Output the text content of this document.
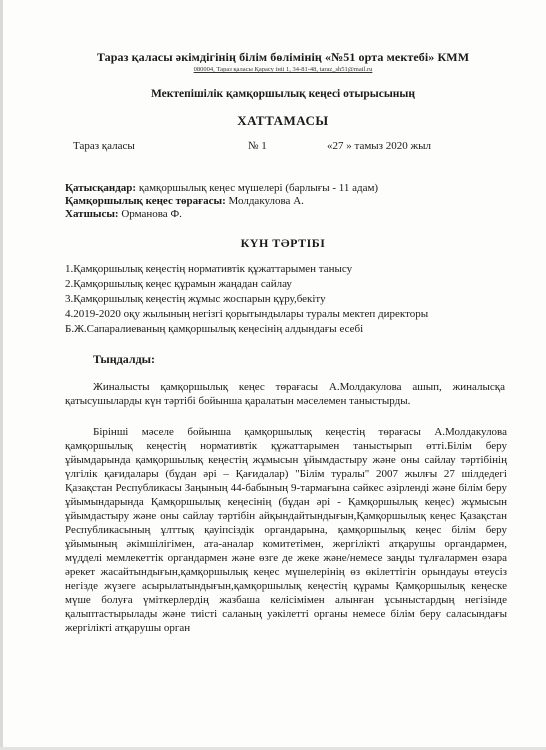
Тараз қаласы әкімдігінің білім бөлімінің «№51 орта мектебі» КММ
080004, Тараз қаласы Қарасу ініі 1, 34-81-48, taraz_sh51@mail.ru
Мектепішілік қамқоршылық кеңесі отырысының
ХАТТАМАСЫ
Тараз қаласы	№ 1	«27 » тамыз 2020 жыл
Қатысқандар: қамқоршылық кеңес мүшелері (барлығы - 11 адам)
Қамқоршылық кеңес төрағасы: Молдакулова А.
Хатшысы: Орманова Ф.
КҮН ТӘРТІБІ
1.Қамқоршылық кеңестің нормативтік құжаттарымен танысу
2.Қамқоршылық кеңес құрамын жаңадан сайлау
3.Қамқоршылық кеңестің жұмыс жоспарын құру,бекіту
4.2019-2020 оқу жылының негізгі қорытындылары туралы мектеп директоры
Б.Ж.Сапаралиеваның қамқоршылық кеңесінің алдындағы есебі
Тыңдалды:
Жиналысты қамқоршылық кеңес төрағасы А.Молдакулова ашып, жиналысқа қатысушыларды күн тәртібі бойынша қаралатын мәселемен таныстырды.
Бірінші мәселе бойынша қамқоршылық кеңестің төрағасы А.Молдакулова қамқоршылық кеңестің нормативтік құжаттарымен таныстырып өтті.Білім беру ұйымдарында қамқоршылық кеңестің жұмысын ұйымдастыру және оны сайлау тәртібінің үлгілік қағидалары (бұдан әрі – Қағидалар) "Білім туралы" 2007 жылғы 27 шілдедегі Қазақстан Республикасы Заңының 44-бабының 9-тармағына сәйкес әзірленді және білім беру ұйымындарында Қамқоршылық кеңесінің (бұдан әрі - Қамқоршылық кеңес) жұмысын ұйымдастыру және оны сайлау тәртібін айқындайтындығын,Қамқоршылық кеңес Қазақстан Республикасының ұлттық қауіпсіздік органдарына, қамқоршылық кеңес білім беру ұйымының әкімшілігімен, ата-аналар комитетімен, жергілікті атқарушы органдармен, мүдделі мемлекеттік органдармен және өзге де жеке және/немесе заңды тұлғалармен өзара әрекет жасайтындығын,қамқоршылық кеңес мүшелерінің өз өкілеттігін орындауы өтеусіз негізде жүзеге асырылатындығын,қамқоршылық кеңестің құрамы Қамқоршылық кеңеске мүше болуға үміткерлердің жазбаша келісімімен алынған ұсыныстардың негізінде қалыптастырылады және тиісті саланың уәкілетті органы немесе білім беру саласындағы жергілікті атқарушы орган
